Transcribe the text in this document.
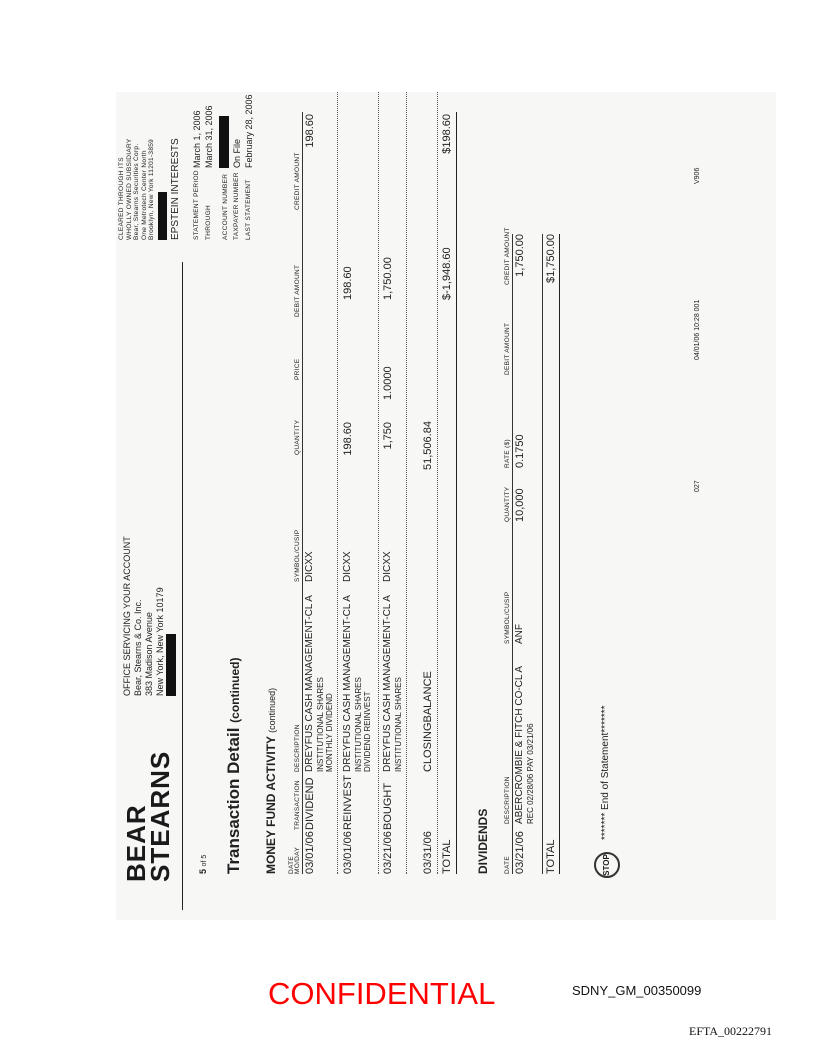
BEAR
STEARNS
OFFICE SERVICING YOUR ACCOUNT Bear, Stearns & Co. Inc. 383 Madison Avenue New York, New York 10179
CLEARED THROUGH ITS WHOLLY OWNED SUBSIDIARY Bear, Stearns Securities Corp. One Metrotech Center North Brooklyn, New York 11201-3859 EPSTEIN INTERESTS STATEMENT PERIOD
March 1, 2006
THROUGH
March 31, 2006
ACCOUNT NUMBER TAXPAYER NUMBER
On File
LAST STATEMENT
February 28, 2006
5 of 5 Transaction Detail (continued)
MONEY FUND ACTIVITY (continued)
DATE MO/DAY
TRANSACTION
DESCRIPTION
SYMBOL/CUSIP
QUANTITY
PRICE
DEBIT AMOUNT
CREDIT AMOUNT
03/01/06
DIVIDEND
DREYFUS CASH MANAGEMENT-CL A INSTITUTIONAL SHARES MONTHLY DIVIDEND
DICXX
198.60
03/01/06
REINVEST
DREYFUS CASH MANAGEMENT-CL A INSTITUTIONAL SHARES DIVIDEND REINVEST
DICXX
198.60
198.60
03/21/06
BOUGHT
DREYFUS CASH MANAGEMENT-CL A INSTITUTIONAL SHARES
DICXX
1,750
1.0000
1,750.00
03/31/06
CLOSINGBALANCE
51,506.84
TOTAL
$-1,948.60
$198.60
DIVIDENDS DATE
DESCRIPTION
SYMBOL/CUSIP
QUANTITY
RATE ($)
DEBIT AMOUNT
CREDIT AMOUNT
03/21/06
ABERCROMBIE & FITCH CO-CL A REC 02/28/06 PAY 03/21/06
ANF
10,000
0.1750
1,750.00
TOTAL
$1,750.00
STOP
******* End of Statement*******
027
04/01/06 10:28 001
V906
CONFIDENTIAL	SDNY_GM_00350099
EFTA_00222791
